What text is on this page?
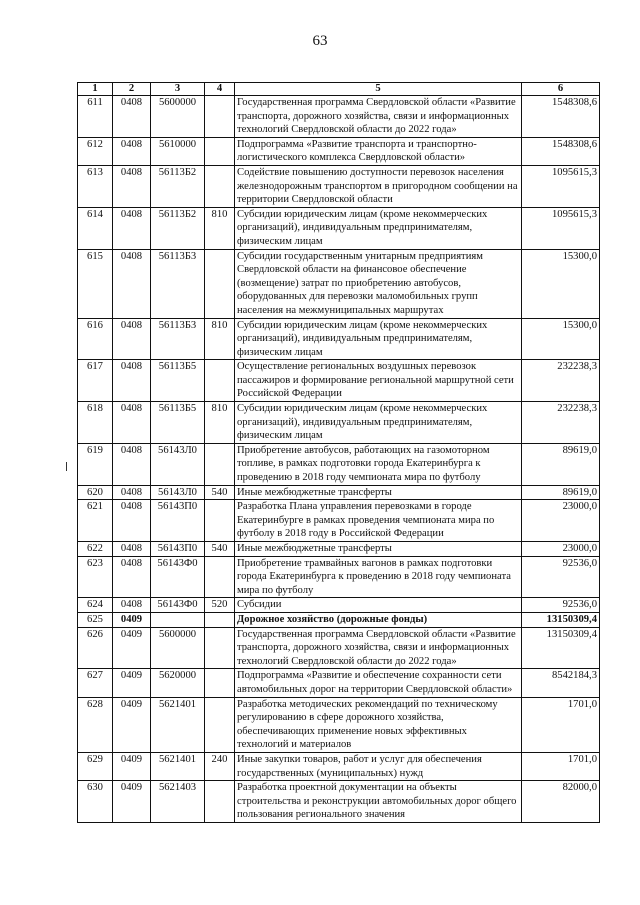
63
1	2	3	4	5	6
611	0408	5600000		Государственная программа Свердловской области «Развитие транспорта, дорожного хозяйства, связи и информационных технологий Свердловской области до 2022 года»	1548308,6
612	0408	5610000		Подпрограмма «Развитие транспорта и транспортно-логистического комплекса Свердловской области»	1548308,6
613	0408	56113Б2		Содействие повышению доступности перевозок населения железнодорожным транспортом в пригородном сообщении на территории Свердловской области	1095615,3
614	0408	56113Б2	810	Субсидии юридическим лицам (кроме некоммерческих организаций), индивидуальным предпринимателям, физическим лицам	1095615,3
615	0408	56113Б3		Субсидии государственным унитарным предприятиям Свердловской области на финансовое обеспечение (возмещение) затрат по приобретению автобусов, оборудованных для перевозки маломобильных групп населения на межмуниципальных маршрутах	15300,0
616	0408	56113Б3	810	Субсидии юридическим лицам (кроме некоммерческих организаций), индивидуальным предпринимателям, физическим лицам	15300,0
617	0408	56113Б5		Осуществление региональных воздушных перевозок пассажиров и формирование региональной маршрутной сети Российской Федерации	232238,3
618	0408	56113Б5	810	Субсидии юридическим лицам (кроме некоммерческих организаций), индивидуальным предпринимателям, физическим лицам	232238,3
619	0408	56143Л0		Приобретение автобусов, работающих на газомоторном топливе, в рамках подготовки города Екатеринбурга к проведению в 2018 году чемпионата мира по футболу	89619,0
620	0408	56143Л0	540	Иные межбюджетные трансферты	89619,0
621	0408	56143П0		Разработка Плана управления перевозками в городе Екатеринбурге в рамках проведения чемпионата мира по футболу в 2018 году в Российской Федерации	23000,0
622	0408	56143П0	540	Иные межбюджетные трансферты	23000,0
623	0408	56143Ф0		Приобретение трамвайных вагонов в рамках подготовки города Екатеринбурга к проведению в 2018 году чемпионата мира по футболу	92536,0
624	0408	56143Ф0	520	Субсидии	92536,0
625	0409			Дорожное хозяйство (дорожные фонды)	13150309,4
626	0409	5600000		Государственная программа Свердловской области «Развитие транспорта, дорожного хозяйства, связи и информационных технологий Свердловской области до 2022 года»	13150309,4
627	0409	5620000		Подпрограмма «Развитие и обеспечение сохранности сети автомобильных дорог на территории Свердловской области»	8542184,3
628	0409	5621401		Разработка методических рекомендаций по техническому регулированию в сфере дорожного хозяйства, обеспечивающих применение новых эффективных технологий и материалов	1701,0
629	0409	5621401	240	Иные закупки товаров, работ и услуг для обеспечения государственных (муниципальных) нужд	1701,0
630	0409	5621403		Разработка проектной документации на объекты строительства и реконструкции автомобильных дорог общего пользования регионального значения	82000,0
